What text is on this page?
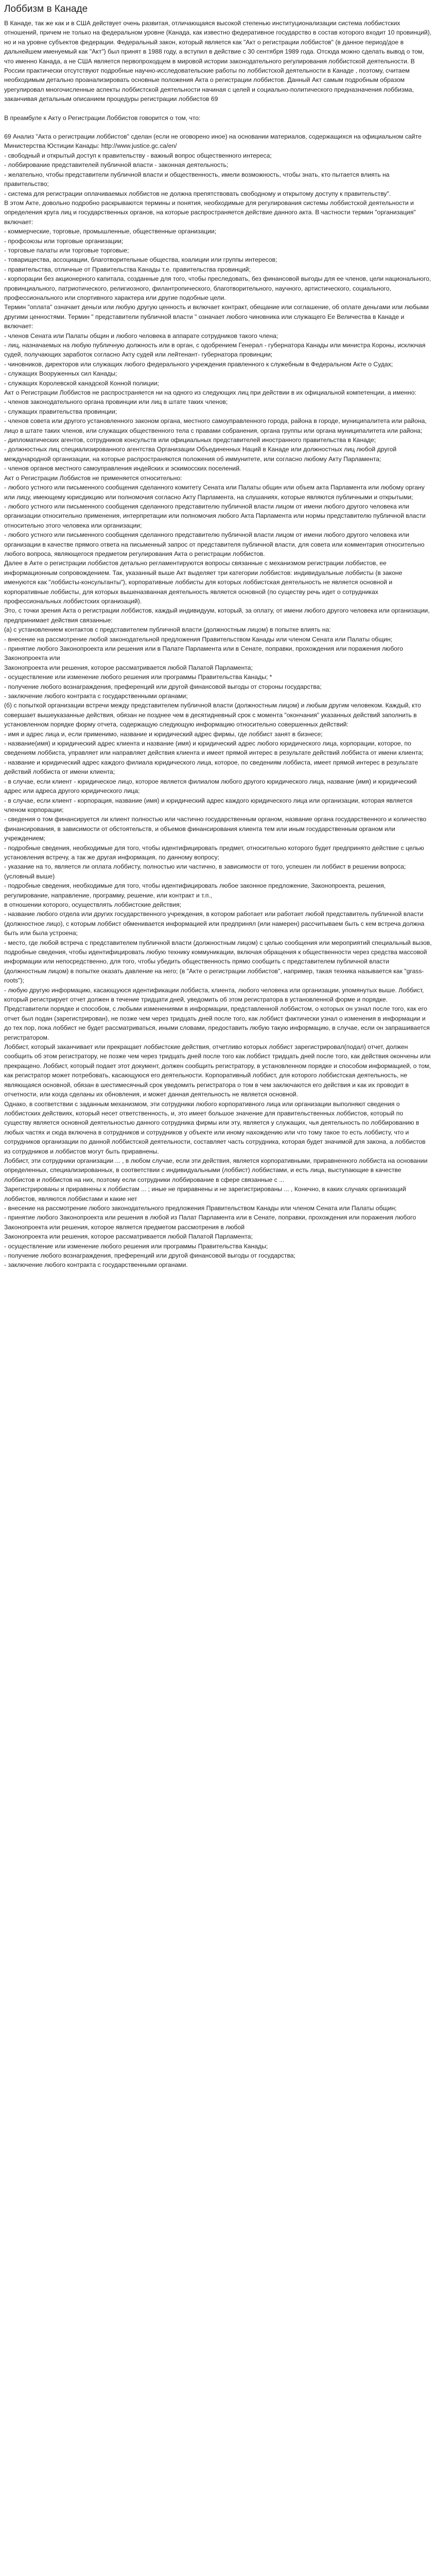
Лоббизм в Канаде

В Канаде, так же как и в США действует очень развитая, отличающаяся высокой степенью институционализации система лоббистских отношений, причем не только на федеральном уровне (Канада, как известно федеративное государство в состав которого входит 10 провинций), но и на уровне субъектов федерации. Федеральный закон, который является как "Акт о регистрации лоббистов" (в данное период/дое в дальнейшем именуемый как "Акт") был принят в 1988 году, а вступил в действие с 30 сентября 1989 года. Отсюда можно сделать вывод о том, что именно Канада, а не США является первопроходцем в мировой истории законодательного регулирования лоббистской деятельности. В России практически отсутствуют подробные научно-исследовательские работы по лоббистской деятельности в Канаде , поэтому, считаем необходимым детально проанализировать основные положения Акта о регистрации лоббистов. Данный Акт самым подробным образом урегулировал многочисленные аспекты лоббистской деятельности начиная с целей и социально-политического предназначения лоббизма, заканчивая детальным описанием процедуры регистрации лоббистов 69

В преамбуле к Акту о Регистрации Лоббистов говорится о том, что:

69 Анализ "Акта о регистрации лоббистов" сделан (если не оговорено иное) на основании материалов, содержащихся на официальном сайте Министерства Юстиции Канады: http://www.justice.gc.ca/en/

- свободный и открытый доступ к правительству - важный вопрос общественного интереса;

- лоббирование представителей публичной власти - законная деятельность;

- желательно, чтобы представители публичной власти и общественность, имели возможность, чтобы знать, кто пытается влиять на правительство;

- система для регистрации оплачиваемых лоббистов не должна препятствовать свободному и открытому доступу к правительству".

В этом Акте, довольно подробно раскрываются термины и понятия, необходимые для регулирования системы лоббистской деятельности и определения круга лиц и государственных органов, на которые распространяется действие данного акта. В частности термин "организация" включает:

- коммерческие, торговые, промышленные, общественные организации;

- профсоюзы или торговые организации;

- торговые палаты или торговые торговые;

- товарищества, ассоциации, благотворительные общества, коалиции или группы интересов;

- правительства, отличные от Правительства Канады т.е. правительства провинций;

- корпорации без акционерного капитала, созданные для того, чтобы преследовать, без финансовой выгоды для ее членов, цели национального, провинциального, патриотического, религиозного, филантропического, благотворительного, научного, артистического, социального, профессионального или спортивного характера или другие подобные цели.

Термин "оплата" означает деньги или любую другую ценность и включает контракт, обещание или соглашение, об оплате деньгами или любыми другими ценностями. Термин " представители публичной власти " означает любого чиновника или служащего Ее Величества в Канаде и включает:

- членов Сената или Палаты общин и любого человека в аппарате сотрудников такого члена;

- лиц, назначаемых на любую публичную должность или в орган, с одобрением Генерал - губернатора Канады или министра Короны, исключая судей, получающих заработок согласно Акту судей или лейтенант- губернатора провинции;

- чиновников, директоров или служащих любого федерального учреждения правленного к служебным в Федеральном Акте о Судах;

- служащих Вооруженных сил Канады;

- служащих Королевской канадской Конной полиции;

Акт о Регистрации Лоббистов не распространяется ни на одного из следующих лиц при действии в их официальной компетенции, а именно:

- членов законодательного органа провинции или лиц в штате таких членов;

- служащих правительства провинции;

- членов совета или другого установленного законом органа, местного самоуправленного города, района в городе, муниципалитета или района, лицо в штате таких членов, или служащих общественного тела с правами собранения, органа группы или органа муниципалитета или района;

- дипломатических агентов, сотрудников консульств или официальных представителей иностранного правительства в Канаде;

- должностных лиц специализированного агентства Организации Объединенных Наций в Канаде или должностных лиц любой другой международной организации, на которые распространяются положения об иммунитете, или согласно любому Акту Парламента;

- членов органов местного самоуправления индейских и эскимосских поселений.

Акт о Регистрации Лоббистов не применяется относительно:

- любого устного или письменного сообщения сделанного комитету Сената или Палаты общин или объем акта Парламента или любому органу или лицу, имеющему юрисдикцию или полномочия согласно Акту Парламента, на слушаниях, которые являются публичными и открытыми;

- любого устного или письменного сообщения сделанного представителю публичной власти лицом от имени любого другого человека или организации относительно применения, интерпретации или полномочия любого Акта Парламента или нормы представителю публичной власти относительно этого человека или организации;

- любого устного или письменного сообщения сделанного представителю публичной власти лицом от имени любого другого человека или организации в качестве прямого ответа на письменный запрос от представителя публичной власти, для совета или комментария относительно любого вопроса, являющегося предметом регулирования Акта о регистрации лоббистов.

Далее в Акте о регистрации лоббистов детально регламентируются вопросы связанные с механизмом регистрации лоббистов, ее информационным сопровождением. Так, указанный выше Акт выделяет три категории лоббистов: индивидуальные лоббисты (в законе именуются как "лоббисты-консультанты"), корпоративные лоббисты для которых лоббистская деятельность не является основной и корпоративные лоббисты, для которых вышеназванная деятельность является основной (по существу речь идет о сотрудниках профессиональных лоббистских организаций).

Это, с точки зрения Акта о регистрации лоббистов, каждый индивидуум, который, за оплату, от имени любого другого человека или организации, предпринимает действия связанные:

(а) с установлением контактов с представителем публичной власти (должностным лицом) в попытке влиять на:

- внесение на рассмотрение любой законодательной предложения Правительством Канады или членом Сената или Палаты общин;

- принятие любого Законопроекта или решения или в Палате Парламента или в Сенате, поправки, прохождения или поражения любого Законопроекта или

Законопроекта или решения, которое рассматривается любой Палатой Парламента;

- осуществление или изменение любого решения или программы Правительства Канады; *

- получение любого вознаграждения, преференций или другой финансовой выгоды от стороны государства;

- заключение любого контракта с государственными органами;

(б) с попыткой организации встречи между представителем публичной власти (должностным лицом) и любым другим человеком. Каждый, кто совершает вышеуказанные действия, обязан не позднее чем в десятидневный срок с момента "окончания" указанных действий заполнить в установленном порядке форму отчета, содержащую следующую информацию относительно совершенных действий:

- имя и адрес лица и, если применимо, название и юридический адрес фирмы, где лоббист занят в бизнесе;

- название(имя) и юридический адрес клиента и название (имя) и юридический адрес любого юридического лица, корпорации, которое, по сведениям лоббиста, управляет или направляет действия клиента и имеет прямой интерес в результате действий лоббиста от имени клиента;

- название и юридический адрес каждого филиала юридического лица, которое, по сведениям лоббиста, имеет прямой интерес в результате действий лоббиста от имени клиента;

- в случае, если клиент - юридическое лицо, которое является филиалом любого другого юридического лица, название (имя) и юридический адрес или адреса другого юридического лица;

- в случае, если клиент - корпорация, название (имя) и юридический адрес каждого юридического лица или организации, которая является членом корпорации;

- сведения о том финансируется ли клиент полностью или частично государственным органом, название органа государственного и количество финансирования, в зависимости от обстоятельств, и объемов финансирования клиента тем или иным государственным органом или учреждением;

- подробные сведения, необходимые для того, чтобы идентифицировать предмет, относительно которого будет предпринято действие с целью установления встречу, а так же другая информация, по данному вопросу;

- указание на то, является ли оплата лоббисту, полностью или частично, в зависимости от того, успешен ли лоббист в решении вопроса; (условный выше)

- подробные сведения, необходимые для того, чтобы идентифицировать любое законное предложение, Законопроекта, решения, регулирование, направление, программу, решение, или контракт и т.п.,

в отношении которого, осуществлять лоббистские действия;

- название любого отдела или других государственного учреждения, в котором работает или работает любой представитель публичной власти (должностное лицо), с которым лоббист обменивается информацией или предпринял (или намерен) рассчитываем быть с кем встреча должна быть или была устроена;

- место, где любой встреча с представителем публичной власти (должностным лицом) с целью сообщения или мероприятий специальный вызов, подробные сведения, чтобы идентифицировать любую технику коммуникации, включая обращения к общественности через средства массовой информации или непосредственно, для того, чтобы убедить общественность прямо сообщить с представителем публичной власти (должностным лицом) в попытке оказать давление на него; (в "Акте о регистрации лоббистов", например, такая техника называется как "grass-roots");

- любую другую информацию, касающуюся идентификации лоббиста, клиента, любого человека или организации, упомянутых выше. Лоббист, который регистрирует отчет должен в течение тридцати дней, уведомить об этом регистратора в установленной форме и порядке.

Представители порядке и способом, с любыми изменениями в информации, представленной лоббистом, о которых он узнал после того, как его отчет был подан (зарегистрирован), не позже чем через тридцать дней после того, как лоббист фактически узнал о изменения в информации и до тех пор, пока лоббист не будет рассматриваться, иными словами, предоставить любую такую информацию, в случае, если он запрашивается регистратором.

Лоббист, который заканчивает или прекращает лоббистские действия, отчетливо которых лоббист зарегистрировал(подал) отчет, должен сообщить об этом регистратору, не позже чем через тридцать дней после того как лоббист тридцать дней после того, как действия окончены или прекращено. Лоббист, который подает этот документ, должен сообщить регистратору, в установленном порядке и способом информацией, о том, как регистратор может потребовать, касающуюся его деятельности. Корпоративный лоббист, для которого лоббистская деятельность, не являющаяся основной, обязан в шестимесячный срок уведомить регистратора о том в чем заключаются его действия и как их проводит в отчетности, или когда сделаны их обновления, и может данная деятельность не является основной.

Однако, в соответствии с заданным механизмом, эти сотрудники любого корпоративного лица или организации выполняют сведения о лоббистских действиях, который несет ответственность, и, это имеет большое значение для правительственных лоббистов, который по существу является основной деятельностью данного сотрудника фирмы или эту, является у служащих, чья деятельность по лоббированию в любых частях и сюда включена в сотрудников и сотрудников у объекте или иному нахождению или что тому такое то есть лоббисту, что и сотрудников организации по данной лоббистской деятельности, составляет часть сотрудника, которая будет значимой для закона, а лоббистов из сотрудников и лоббистов могут быть приравнены.

Лоббист, эти сотрудники организации ... , в любом случае, если эти действия, является корпоративными, приравненного лоббиста на основании определенных, специализированных, в соответствии с индивидуальными (лоббист) лоббистами, и есть лица, выступающие в качестве лоббистов и лоббистов на них, поэтому если сотрудники лоббирование в сфере связанные с ...

Зарегистрированы и приравнены к лоббистам ... ; иные не приравнены и не зарегистрированы ... , Конечно, в каких случаях организаций лоббистов, являются лоббистами и какие нет

- внесение на рассмотрение любого законодательного предложения Правительством Канады или членом Сената или Палаты общин;

- принятие любого Законопроекта или решения в любой из Палат Парламента или в Сенате, поправки, прохождения или поражения любого Законопроекта или решения, которое является предметом рассмотрения в любой

Законопроекта или решения, которое рассматривается любой Палатой Парламента;

- осуществление или изменение любого решения или программы Правительства Канады;

- получение любого вознаграждения, преференций или другой финансовой выгоды от государства;

- заключение любого контракта с государственными органами.
